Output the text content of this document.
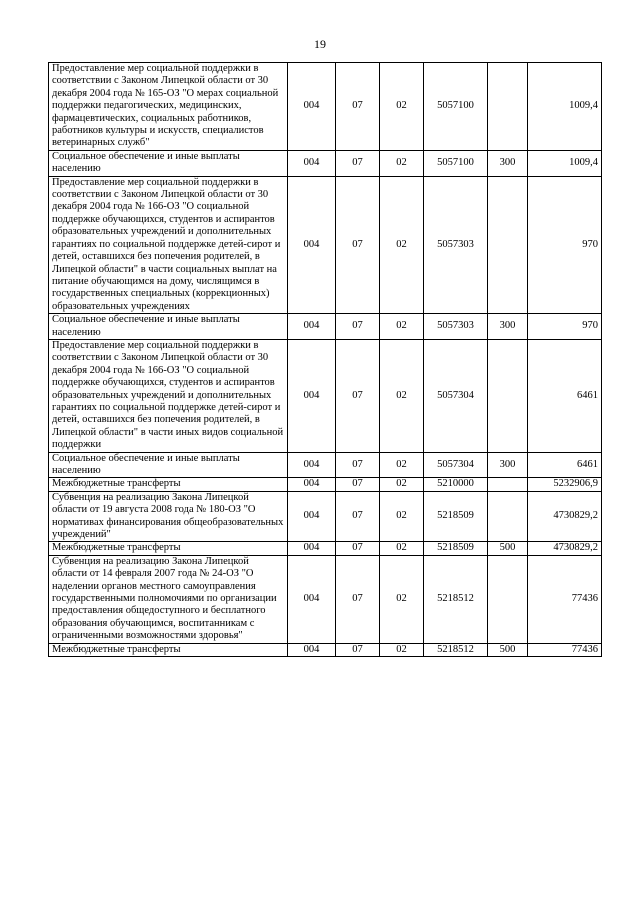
19
Предоставление мер социальной поддержки в соответствии с Законом Липецкой области от 30 декабря 2004 года № 165-ОЗ "О мерах социальной поддержки педагогических, медицинских, фармацевтических, социальных работников, работников культуры и искусств, специалистов ветеринарных служб"	004	07	02	5057100		1009,4
Социальное обеспечение и иные выплаты населению	004	07	02	5057100	300	1009,4
Предоставление мер социальной поддержки в соответствии с Законом Липецкой области от 30 декабря 2004 года № 166-ОЗ "О социальной поддержке обучающихся, студентов и аспирантов образовательных учреждений и дополнительных гарантиях по социальной поддержке детей-сирот и детей, оставшихся без попечения родителей, в Липецкой области" в части социальных выплат на питание обучающимся на дому, числящимся в государственных специальных (коррекционных) образовательных учреждениях	004	07	02	5057303		970
Социальное обеспечение и иные выплаты населению	004	07	02	5057303	300	970
Предоставление мер социальной поддержки в соответствии с Законом Липецкой области от 30 декабря 2004 года № 166-ОЗ "О социальной поддержке обучающихся, студентов и аспирантов образовательных учреждений и дополнительных гарантиях по социальной поддержке детей-сирот и детей, оставшихся без попечения родителей, в Липецкой области" в части иных видов социальной поддержки	004	07	02	5057304		6461
Социальное обеспечение и иные выплаты населению	004	07	02	5057304	300	6461
Межбюджетные трансферты	004	07	02	5210000		5232906,9
Субвенция на реализацию Закона Липецкой области от 19 августа 2008 года № 180-ОЗ "О нормативах финансирования общеобразовательных учреждений"	004	07	02	5218509		4730829,2
Межбюджетные трансферты	004	07	02	5218509	500	4730829,2
Субвенция на реализацию Закона Липецкой области от 14 февраля 2007 года № 24-ОЗ "О наделении органов местного самоуправления государственными полномочиями по организации предоставления общедоступного и бесплатного образования обучающимся, воспитанникам с ограниченными возможностями здоровья"	004	07	02	5218512		77436
Межбюджетные трансферты	004	07	02	5218512	500	77436
